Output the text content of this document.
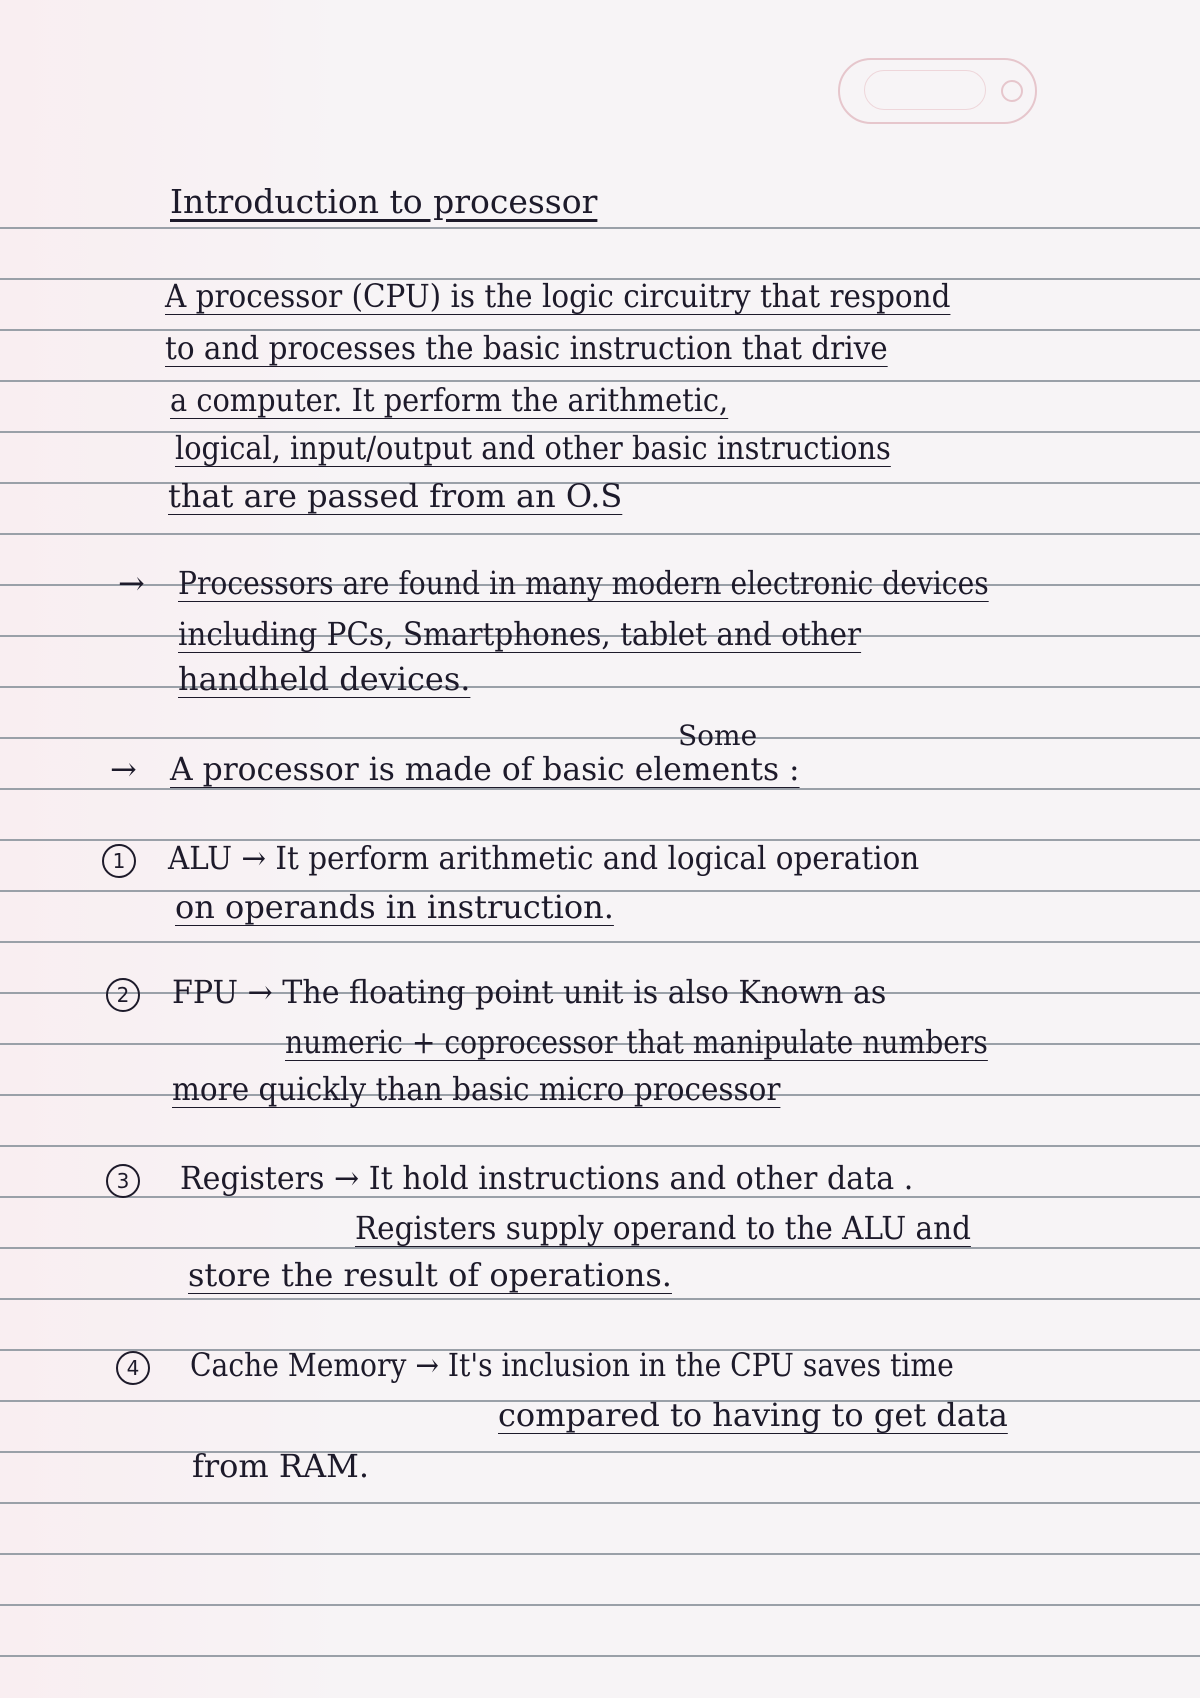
Introduction to processor
A processor (CPU) is the logic circuitry that respond
to and processes the basic instruction that drive
a computer. It perform the arithmetic,
logical, input/output and other basic instructions
that are passed from an O.S
→ Processors are found in many modern electronic devices
including PCs, Smartphones, tablet and other
handheld devices.
Some
→ A processor is made of basic elements :
1	ALU → It perform arithmetic and logical operation
on operands in instruction.
2	FPU → The floating point unit is also Known as
numeric + coprocessor that manipulate numbers
more quickly than basic micro processor
3	Registers → It hold instructions and other data .
Registers supply operand to the ALU and
store the result of operations.
4	Cache Memory → It's inclusion in the CPU saves time
compared to having to get data
from RAM.
